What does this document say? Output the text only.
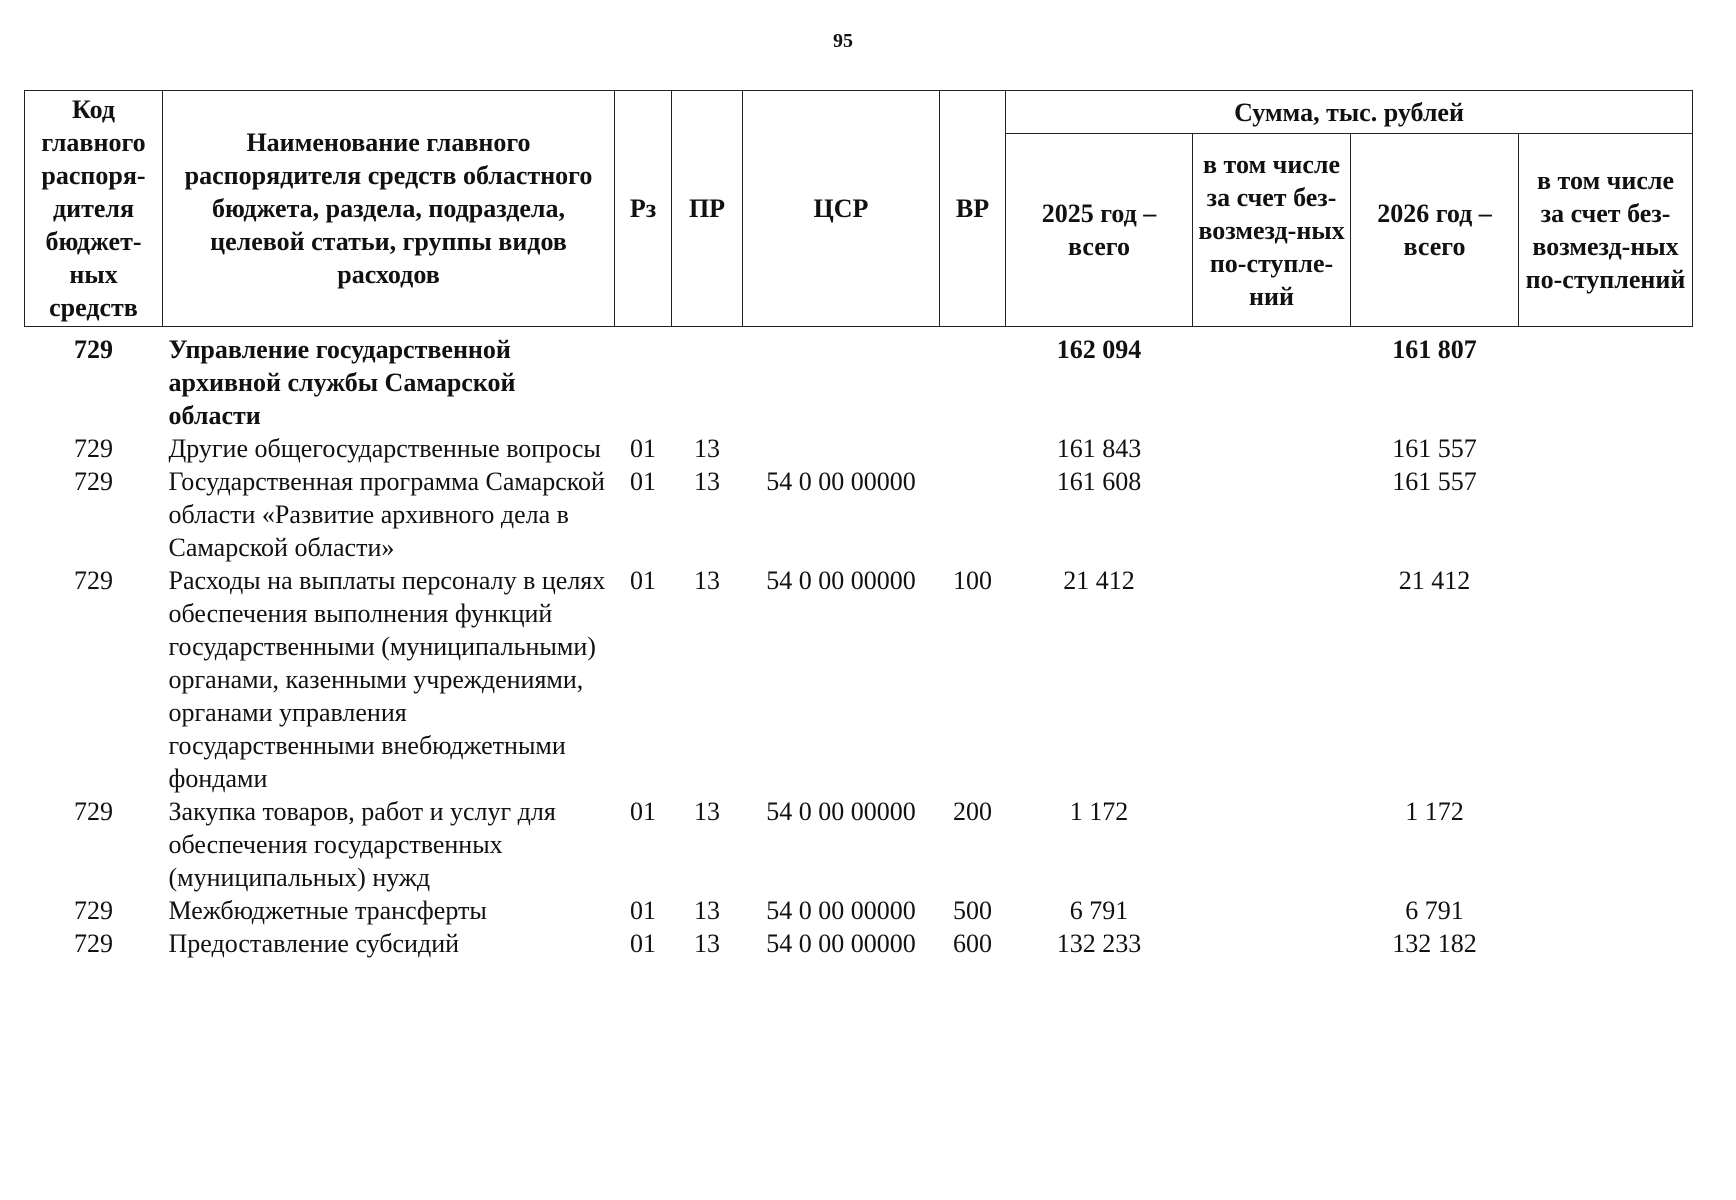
95
Код главного распоря-дителя бюджет-ных средств	Наименование главного распорядителя средств областного бюджета, раздела, подраздела, целевой статьи, группы видов расходов	Рз	ПР	ЦСР	ВР	Сумма, тыс. рублей			
						2025 год – всего	в том числе за счет без-возмезд-ных по-ступле-ний	2026 год – всего	в том числе за счет без-возмезд-ных по-ступлений
729	Управление государственной архивной службы Самарской области					162 094		161 807	
729	Другие общегосударственные вопросы	01	13			161 843		161 557	
729	Государственная программа Самарской области «Развитие архивного дела в Самарской области»	01	13	54 0 00 00000		161 608		161 557	
729	Расходы на выплаты персоналу в целях обеспечения выполнения функций государственными (муниципальными) органами, казенными учреждениями, органами управления государственными внебюджетными фондами	01	13	54 0 00 00000	100	21 412		21 412	
729	Закупка товаров, работ и услуг для обеспечения государственных (муниципальных) нужд	01	13	54 0 00 00000	200	1 172		1 172	
729	Межбюджетные трансферты	01	13	54 0 00 00000	500	6 791		6 791	
729	Предоставление субсидий	01	13	54 0 00 00000	600	132 233		132 182	
